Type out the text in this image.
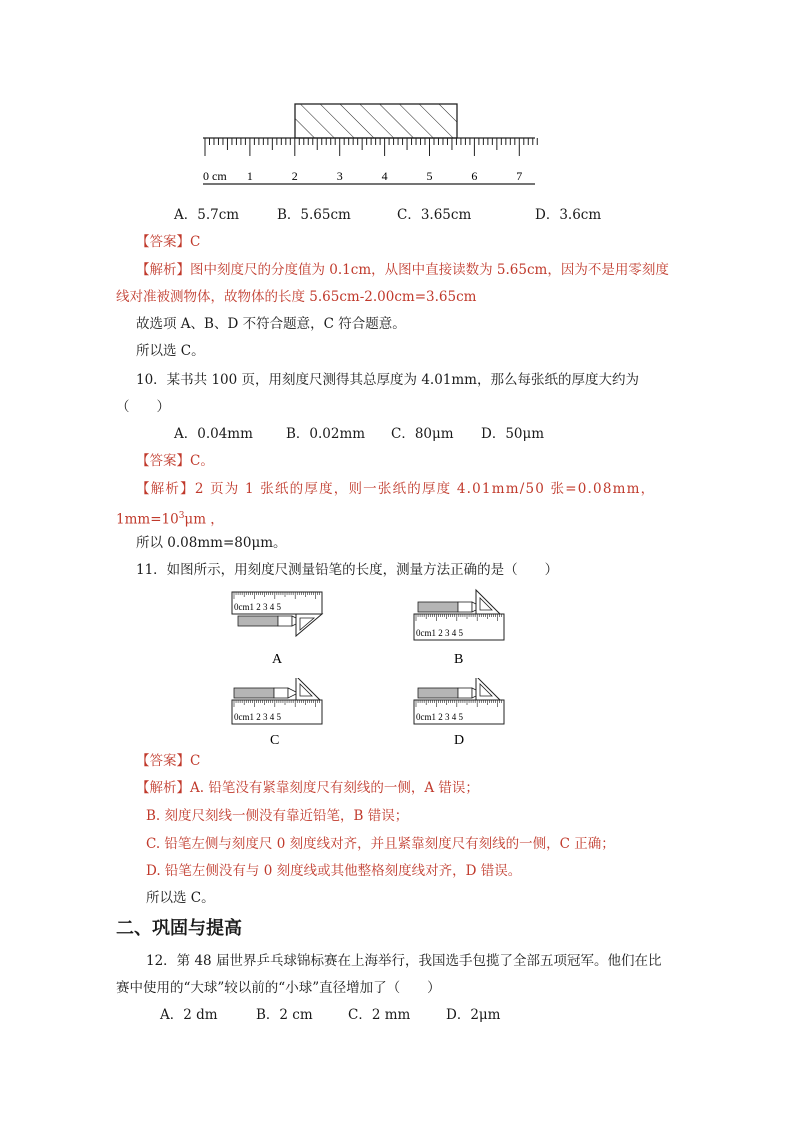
0 cm 1	2	3	4	5	6	7
A．5.7cm	B．5.65cm	C．3.65cm	D．3.6cm
【答案】C
【解析】图中刻度尺的分度值为 0.1cm，从图中直接读数为 5.65cm，因为不是用零刻度
线对准被测物体，故物体的长度 5.65cm-2.00cm=3.65cm
故选项 A、B、D 不符合题意，C 符合题意。
所以选 C。
10．某书共 100 页，用刻度尺测得其总厚度为 4.01mm，那么每张纸的厚度大约为
（　　）
A．0.04mm B．0.02mm C．80μm D．50μm
【答案】C。
【解析】2 页为 1 张纸的厚度，则一张纸的厚度 4.01mm/50 张=0.08mm，
$1mm=10^3\mu m$ ，
所以 0.08mm=80μm。
11．如图所示，用刻度尺测量铅笔的长度，测量方法正确的是（　　）
0cm1 2 3 4 5
A
0cm1 2 3 4 5
B
0cm1 2 3 4 5
C
0cm1 2 3 4 5
D
【答案】C
【解析】A. 铅笔没有紧靠刻度尺有刻线的一侧，A 错误；
B. 刻度尺刻线一侧没有靠近铅笔，B 错误；
C. 铅笔左侧与刻度尺 0 刻度线对齐，并且紧靠刻度尺有刻线的一侧，C 正确；
D. 铅笔左侧没有与 0 刻度线或其他整格刻度线对齐，D 错误。
所以选 C。
二、巩固与提高
12．第 48 届世界乒乓球锦标赛在上海举行，我国选手包揽了全部五项冠军。他们在比
赛中使用的“大球”较以前的“小球”直径增加了（　　）
A．2 dm	B．2 cm	C．2 mm	D．2μm
